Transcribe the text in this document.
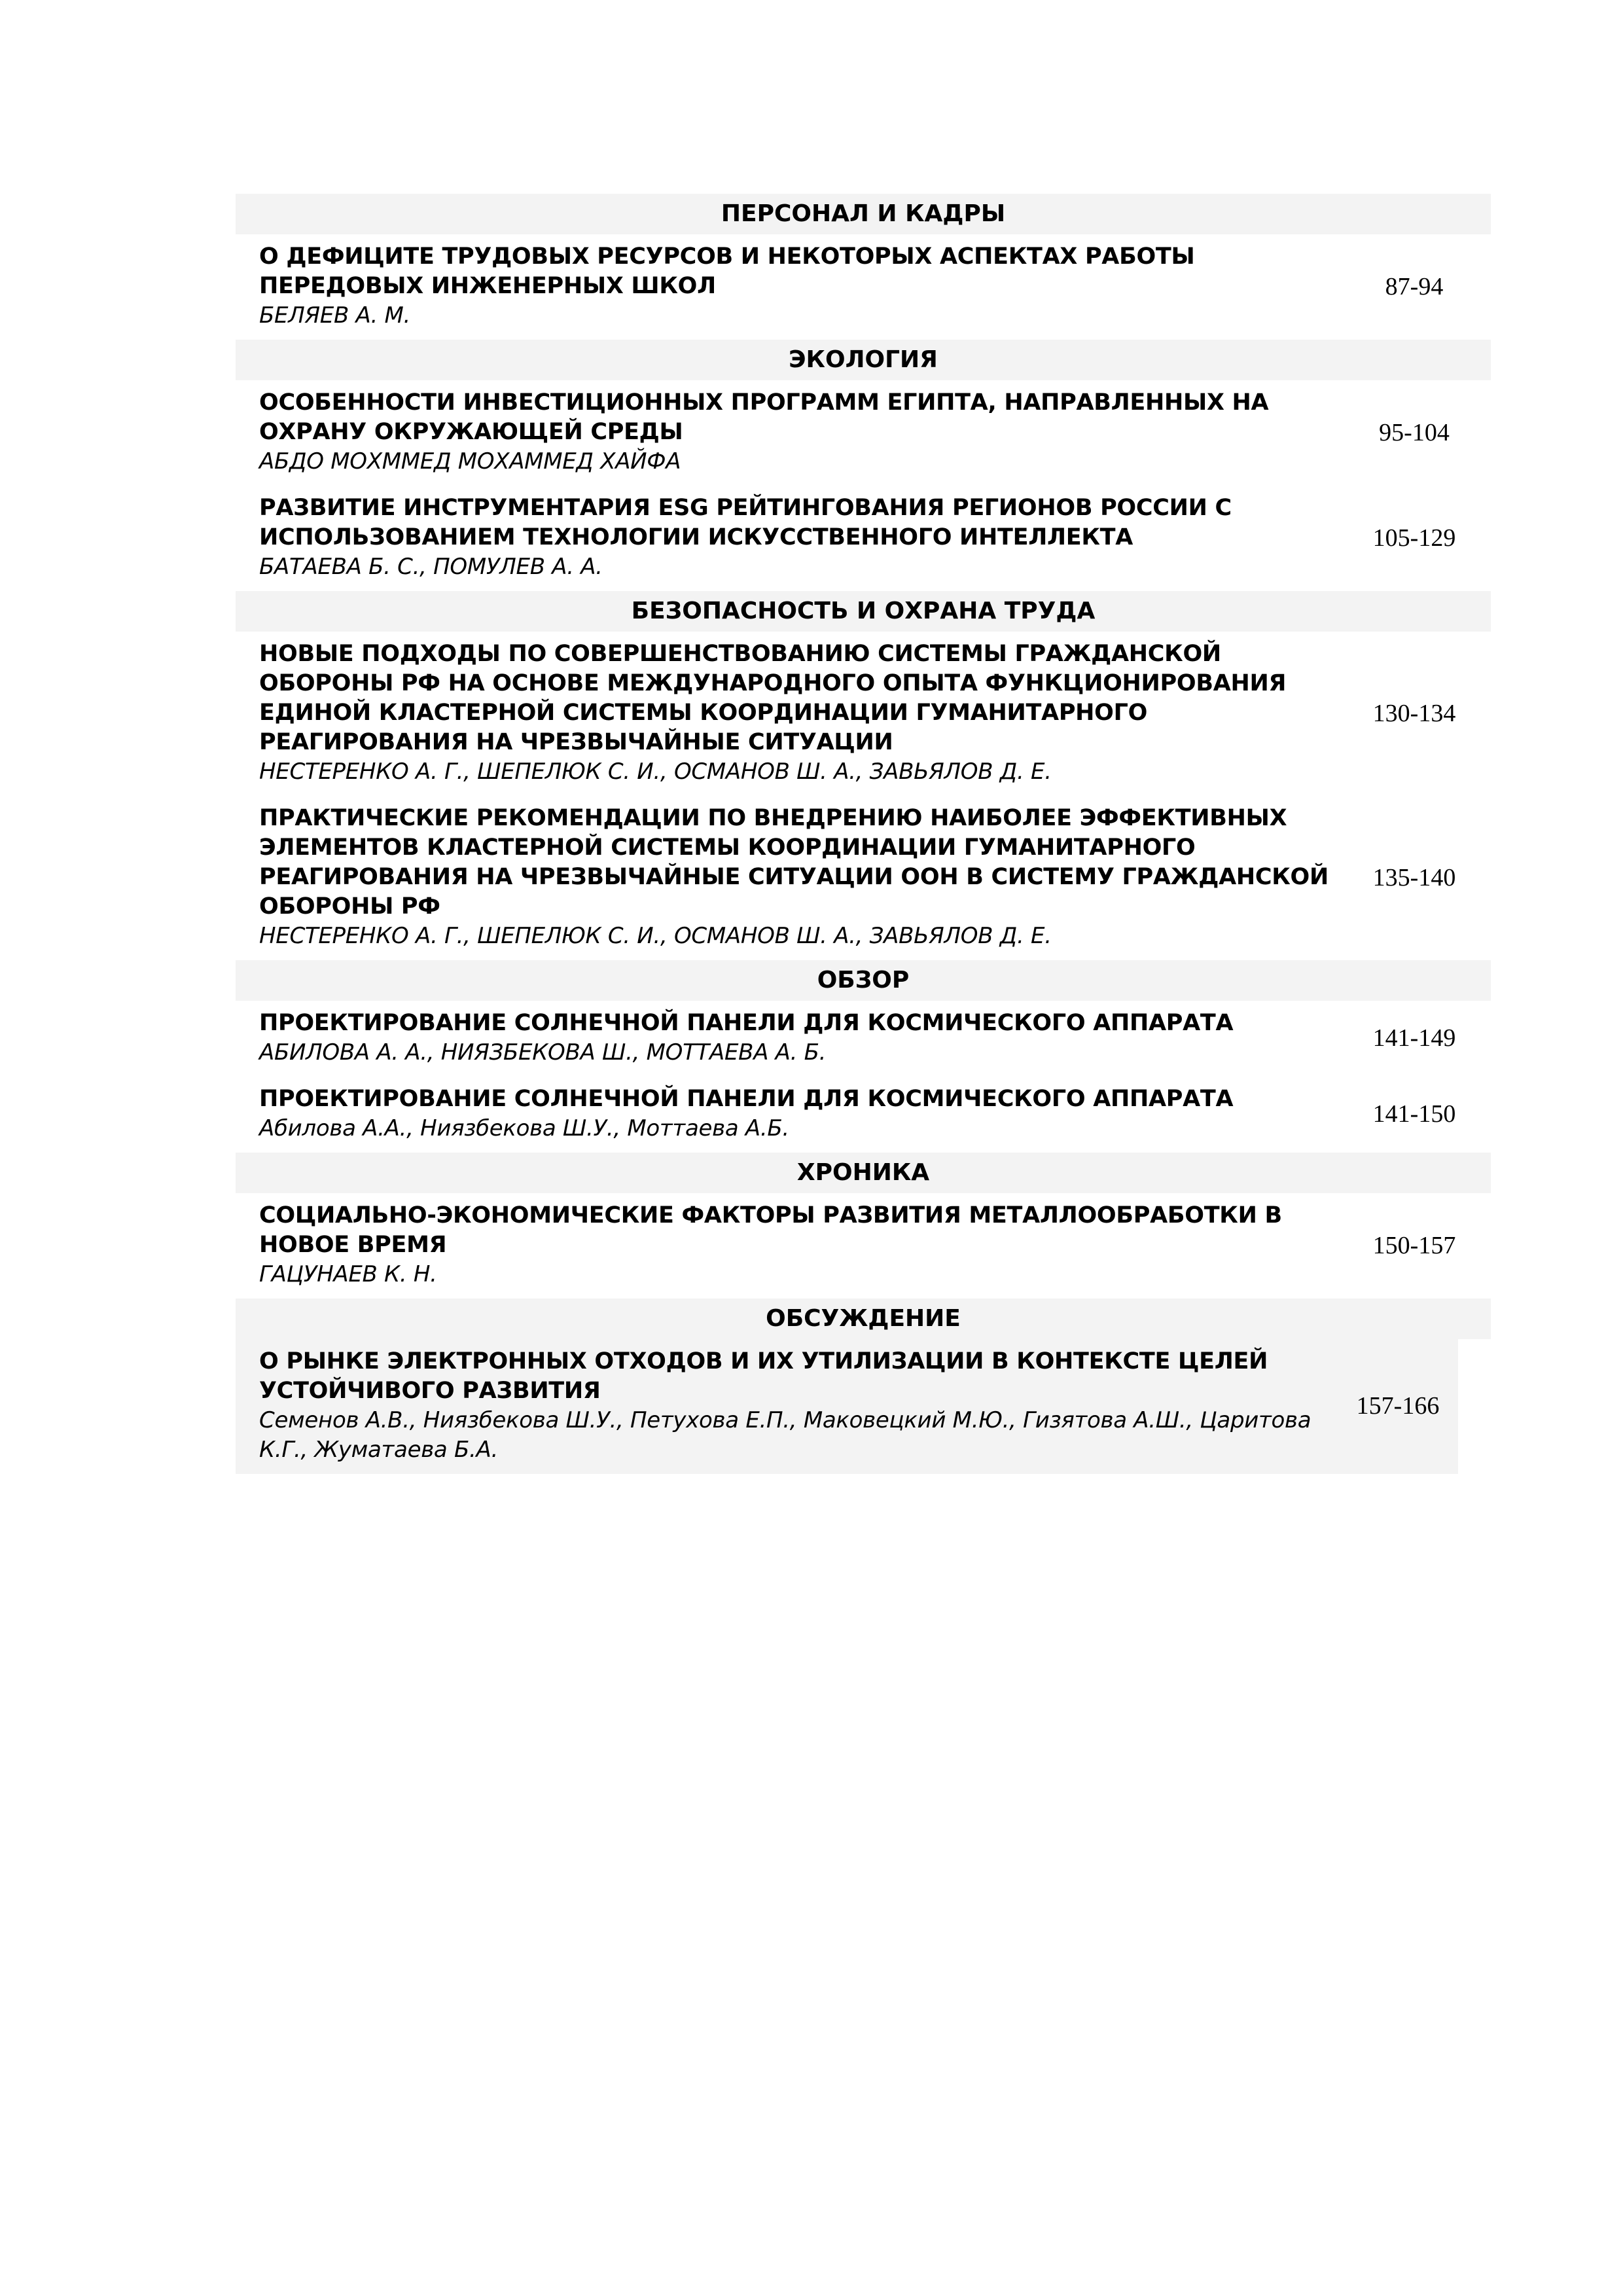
ПЕРСОНАЛ И КАДРЫ
О ДЕФИЦИТЕ ТРУДОВЫХ РЕСУРСОВ И НЕКОТОРЫХ АСПЕКТАХ РАБОТЫ ПЕРЕДОВЫХ ИНЖЕНЕРНЫХ ШКОЛ
БЕЛЯЕВ А. М.
87-94
ЭКОЛОГИЯ
ОСОБЕННОСТИ ИНВЕСТИЦИОННЫХ ПРОГРАММ ЕГИПТА, НАПРАВЛЕННЫХ НА ОХРАНУ ОКРУЖАЮЩЕЙ СРЕДЫ
АБДО МОХММЕД МОХАММЕД ХАЙФА
95-104
РАЗВИТИЕ ИНСТРУМЕНТАРИЯ ESG РЕЙТИНГОВАНИЯ РЕГИОНОВ РОССИИ С ИСПОЛЬЗОВАНИЕМ ТЕХНОЛОГИИ ИСКУССТВЕННОГО ИНТЕЛЛЕКТА
БАТАЕВА Б. С., ПОМУЛЕВ А. А.
105-129
БЕЗОПАСНОСТЬ И ОХРАНА ТРУДА
НОВЫЕ ПОДХОДЫ ПО СОВЕРШЕНСТВОВАНИЮ СИСТЕМЫ ГРАЖДАНСКОЙ ОБОРОНЫ РФ НА ОСНОВЕ МЕЖДУНАРОДНОГО ОПЫТА ФУНКЦИОНИРОВАНИЯ ЕДИНОЙ КЛАСТЕРНОЙ СИСТЕМЫ КООРДИНАЦИИ ГУМАНИТАРНОГО РЕАГИРОВАНИЯ НА ЧРЕЗВЫЧАЙНЫЕ СИТУАЦИИ
НЕСТЕРЕНКО А. Г., ШЕПЕЛЮК С. И., ОСМАНОВ Ш. А., ЗАВЬЯЛОВ Д. Е.
130-134
ПРАКТИЧЕСКИЕ РЕКОМЕНДАЦИИ ПО ВНЕДРЕНИЮ НАИБОЛЕЕ ЭФФЕКТИВНЫХ ЭЛЕМЕНТОВ КЛАСТЕРНОЙ СИСТЕМЫ КООРДИНАЦИИ ГУМАНИТАРНОГО РЕАГИРОВАНИЯ НА ЧРЕЗВЫЧАЙНЫЕ СИТУАЦИИ ООН В СИСТЕМУ ГРАЖДАНСКОЙ ОБОРОНЫ РФ
НЕСТЕРЕНКО А. Г., ШЕПЕЛЮК С. И., ОСМАНОВ Ш. А., ЗАВЬЯЛОВ Д. Е.
135-140
ОБЗОР
ПРОЕКТИРОВАНИЕ СОЛНЕЧНОЙ ПАНЕЛИ ДЛЯ КОСМИЧЕСКОГО АППАРАТА
АБИЛОВА А. А., НИЯЗБЕКОВА Ш., МОТТАЕВА А. Б.
141-149
ПРОЕКТИРОВАНИЕ СОЛНЕЧНОЙ ПАНЕЛИ ДЛЯ КОСМИЧЕСКОГО АППАРАТА
Абилова А.А., Ниязбекова Ш.У., Моттаева А.Б.
141-150
ХРОНИКА
СОЦИАЛЬНО-ЭКОНОМИЧЕСКИЕ ФАКТОРЫ РАЗВИТИЯ МЕТАЛЛООБРАБОТКИ В НОВОЕ ВРЕМЯ
ГАЦУНАЕВ К. Н.
150-157
ОБСУЖДЕНИЕ
О РЫНКЕ ЭЛЕКТРОННЫХ ОТХОДОВ И ИХ УТИЛИЗАЦИИ В КОНТЕКСТЕ ЦЕЛЕЙ УСТОЙЧИВОГО РАЗВИТИЯ
Семенов А.В., Ниязбекова Ш.У., Петухова Е.П., Маковецкий М.Ю., Гизятова А.Ш., Царитова К.Г., Жуматаева Б.А.
157-166
